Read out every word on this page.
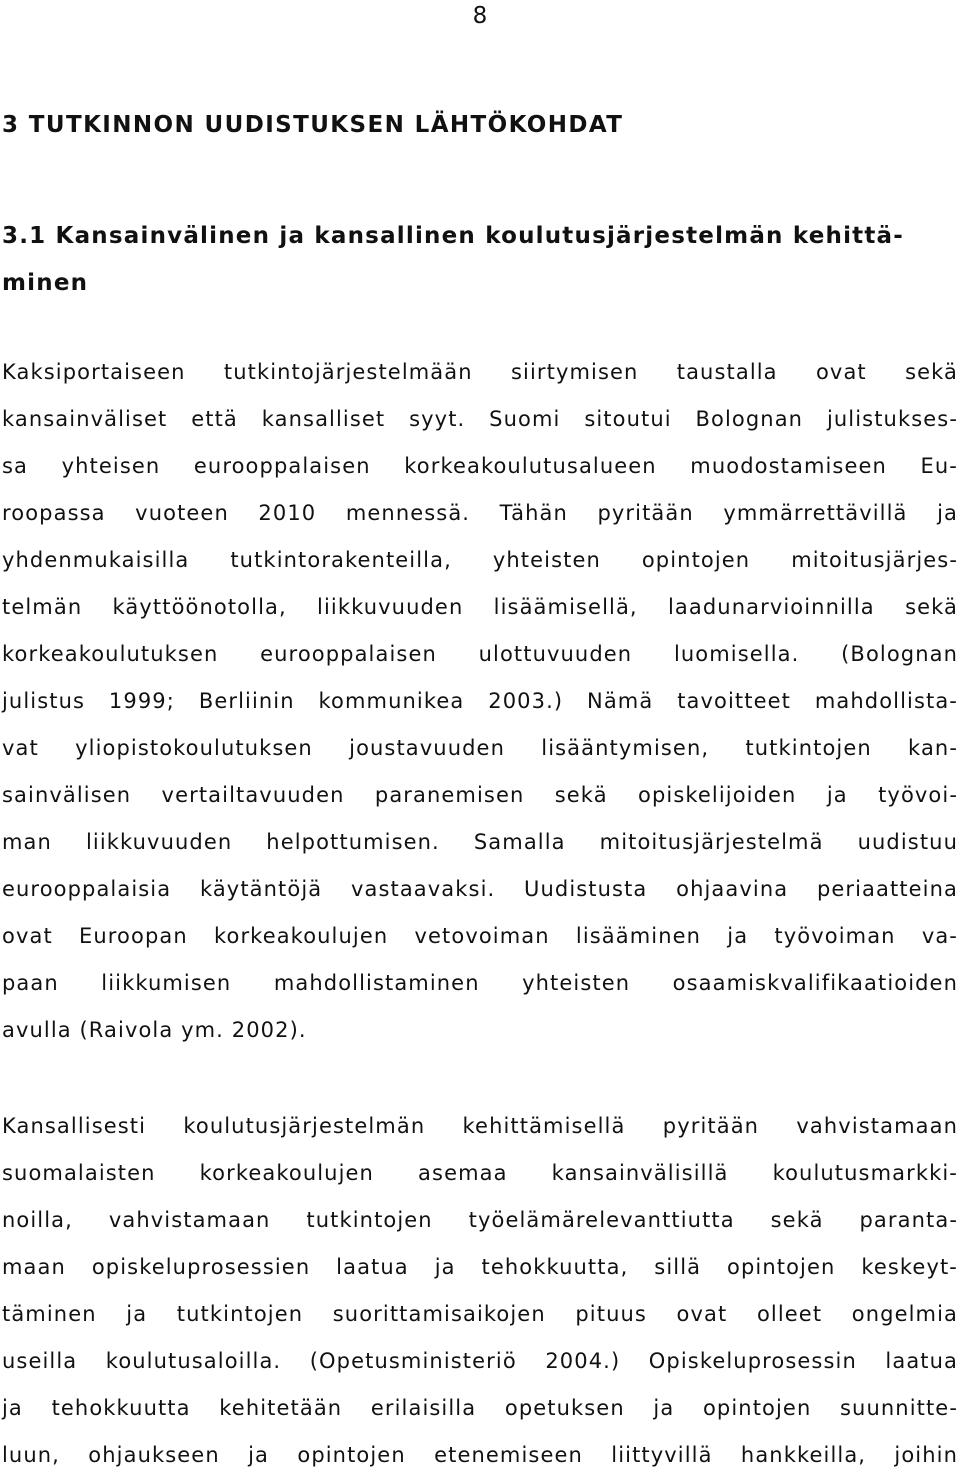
8
3 TUTKINNON UUDISTUKSEN LÄHTÖKOHDAT
3.1 Kansainvälinen ja kansallinen koulutusjärjestelmän kehittä-minen

Kaksiportaiseen tutkintojärjestelmään siirtymisen taustalla ovat sekä

kansainväliset että kansalliset syyt. Suomi sitoutui Bolognan julistukses-

sa yhteisen eurooppalaisen korkeakoulutusalueen muodostamiseen Eu-

roopassa vuoteen 2010 mennessä. Tähän pyritään ymmärrettävillä ja

yhdenmukaisilla tutkintorakenteilla, yhteisten opintojen mitoitusjärjes-

telmän käyttöönotolla, liikkuvuuden lisäämisellä, laadunarvioinnilla sekä

korkeakoulutuksen eurooppalaisen ulottuvuuden luomisella. (Bolognan

julistus 1999; Berliinin kommunikea 2003.) Nämä tavoitteet mahdollista-

vat yliopistokoulutuksen joustavuuden lisääntymisen, tutkintojen kan-

sainvälisen vertailtavuuden paranemisen sekä opiskelijoiden ja työvoi-

man liikkuvuuden helpottumisen. Samalla mitoitusjärjestelmä uudistuu

eurooppalaisia käytäntöjä vastaavaksi. Uudistusta ohjaavina periaatteina

ovat Euroopan korkeakoulujen vetovoiman lisääminen ja työvoiman va-

paan liikkumisen mahdollistaminen yhteisten osaamiskvalifikaatioiden

avulla (Raivola ym. 2002).

Kansallisesti koulutusjärjestelmän kehittämisellä pyritään vahvistamaan

suomalaisten korkeakoulujen asemaa kansainvälisillä koulutusmarkki-

noilla, vahvistamaan tutkintojen työelämärelevanttiutta sekä paranta-

maan opiskeluprosessien laatua ja tehokkuutta, sillä opintojen keskeyt-

täminen ja tutkintojen suorittamisaikojen pituus ovat olleet ongelmia

useilla koulutusaloilla. (Opetusministeriö 2004.) Opiskeluprosessin laatua

ja tehokkuutta kehitetään erilaisilla opetuksen ja opintojen suunnitte-

luun, ohjaukseen ja opintojen etenemiseen liittyvillä hankkeilla, joihin
